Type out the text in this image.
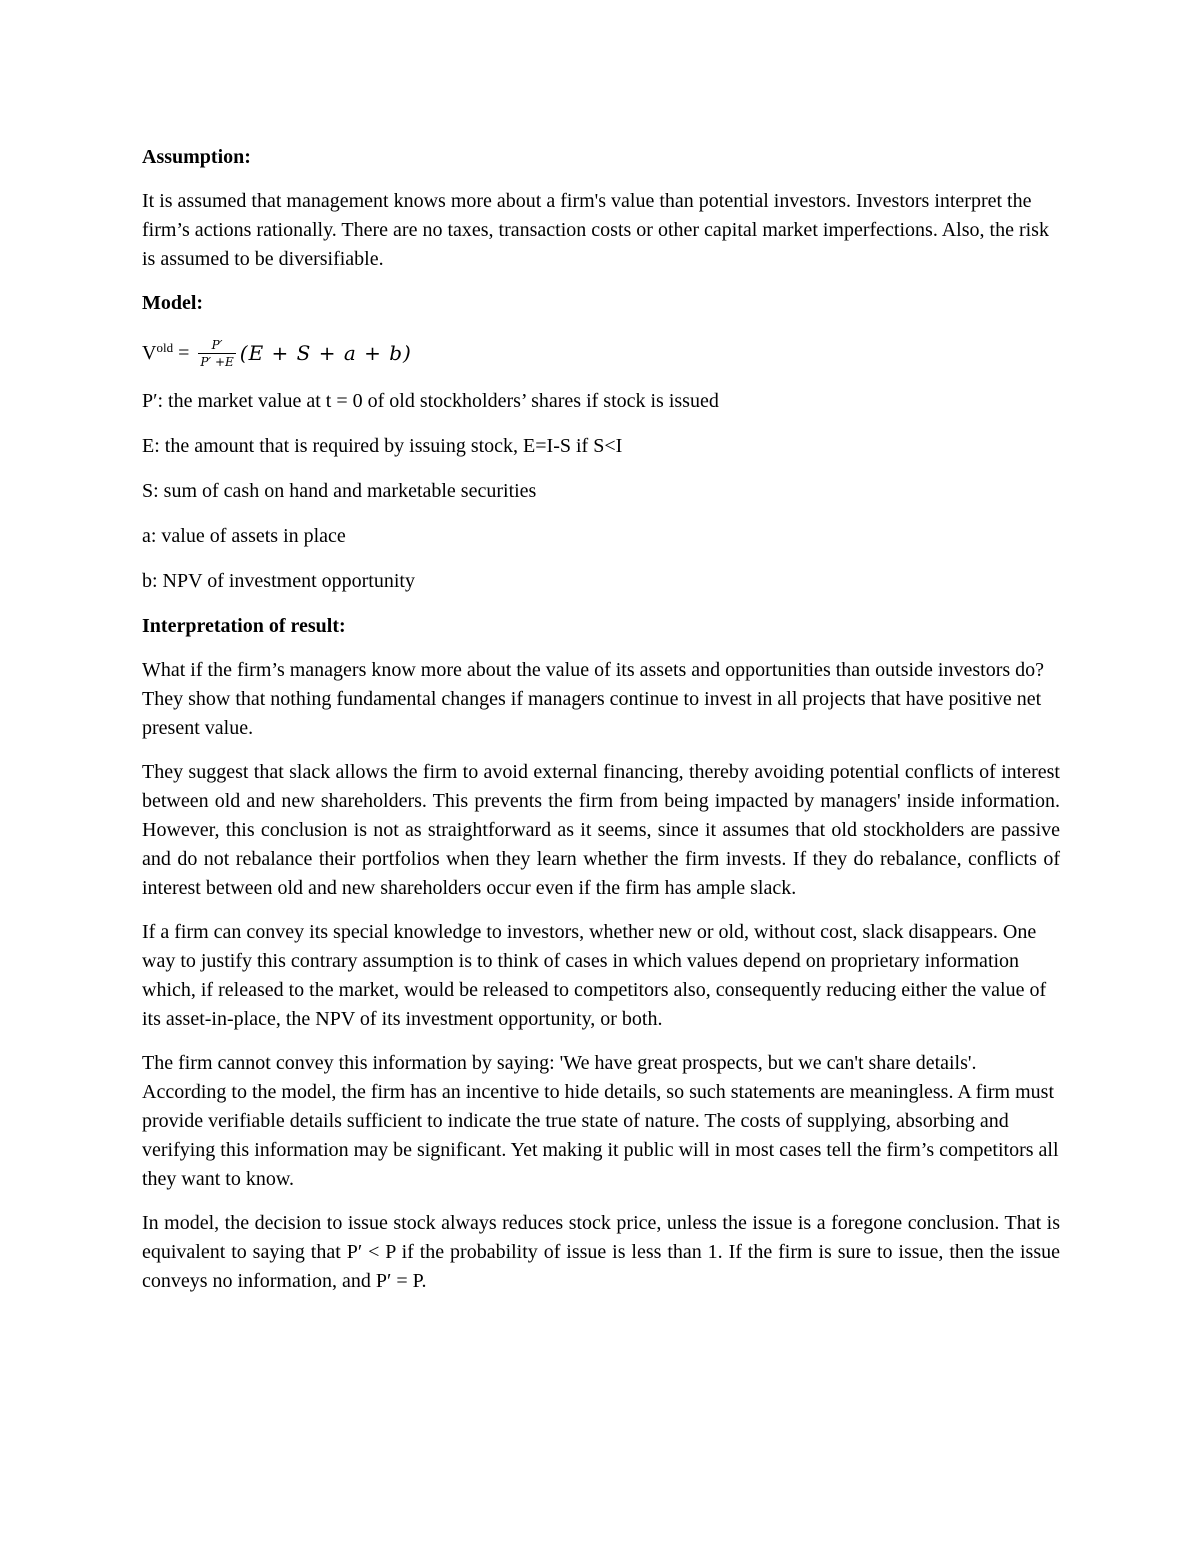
Assumption:
It is assumed that management knows more about a firm's value than potential investors. Investors interpret the firm’s actions rationally. There are no taxes, transaction costs or other capital market imperfections. Also, the risk is assumed to be diversifiable.
Model:
$V^{old} = \frac{P'}{P' +E} (E + S + a + b)$
P′: the market value at t = 0 of old stockholders’ shares if stock is issued
E: the amount that is required by issuing stock, E=I-S if S<I
S: sum of cash on hand and marketable securities
a: value of assets in place
b: NPV of investment opportunity
Interpretation of result:
What if the firm’s managers know more about the value of its assets and opportunities than outside investors do? They show that nothing fundamental changes if managers continue to invest in all projects that have positive net present value.
They suggest that slack allows the firm to avoid external financing, thereby avoiding potential conflicts of interest between old and new shareholders. This prevents the firm from being impacted by managers' inside information. However, this conclusion is not as straightforward as it seems, since it assumes that old stockholders are passive and do not rebalance their portfolios when they learn whether the firm invests. If they do rebalance, conflicts of interest between old and new shareholders occur even if the firm has ample slack.
If a firm can convey its special knowledge to investors, whether new or old, without cost, slack disappears. One way to justify this contrary assumption is to think of cases in which values depend on proprietary information which, if released to the market, would be released to competitors also, consequently reducing either the value of its asset-in-place, the NPV of its investment opportunity, or both.
The firm cannot convey this information by saying: 'We have great prospects, but we can't share details'. According to the model, the firm has an incentive to hide details, so such statements are meaningless. A firm must provide verifiable details sufficient to indicate the true state of nature. The costs of supplying, absorbing and verifying this information may be significant. Yet making it public will in most cases tell the firm’s competitors all they want to know.
In model, the decision to issue stock always reduces stock price, unless the issue is a foregone conclusion. That is equivalent to saying that P′ < P if the probability of issue is less than 1. If the firm is sure to issue, then the issue conveys no information, and P′ = P.
